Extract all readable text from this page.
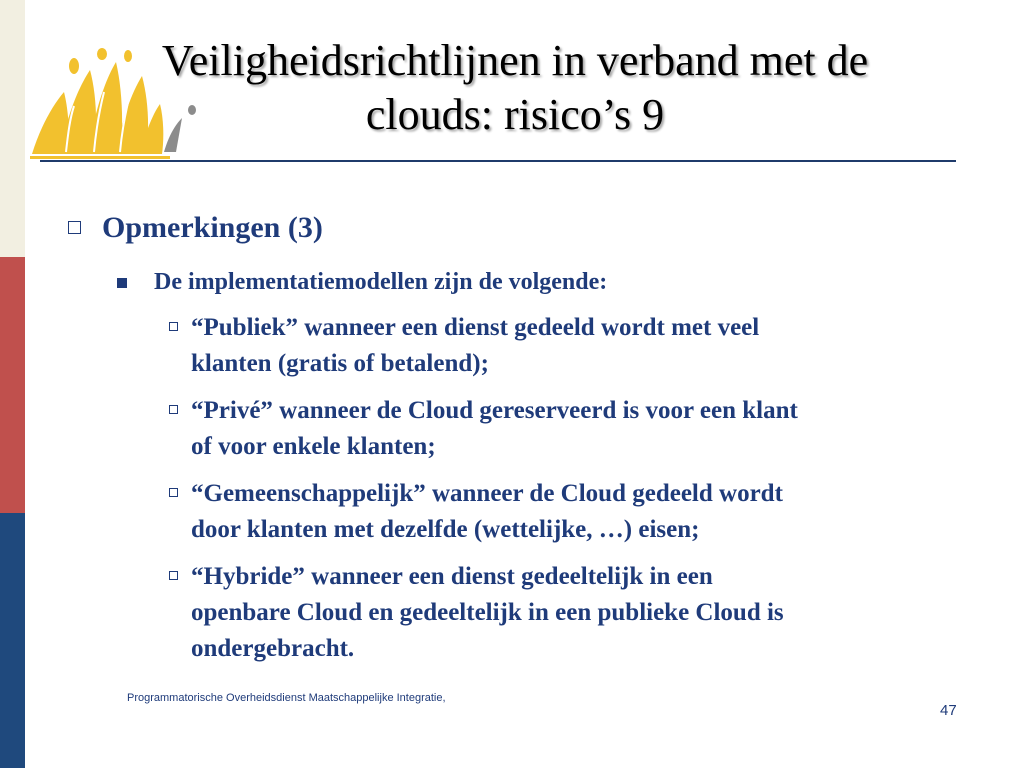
Veiligheidsrichtlijnen in verband met de
clouds: risico’s 9
Opmerkingen (3)
De implementatiemodellen zijn de volgende:
“Publiek” wanneer een dienst gedeeld wordt met veel
klanten (gratis of betalend);
“Privé” wanneer de Cloud gereserveerd is voor een klant
of voor enkele klanten;
“Gemeenschappelijk” wanneer de Cloud gedeeld wordt
door klanten met dezelfde (wettelijke, …) eisen;
“Hybride” wanneer een dienst gedeeltelijk in een
openbare Cloud en gedeeltelijk in een publieke Cloud is
ondergebracht.
Programmatorische Overheidsdienst Maatschappelijke Integratie,
47
